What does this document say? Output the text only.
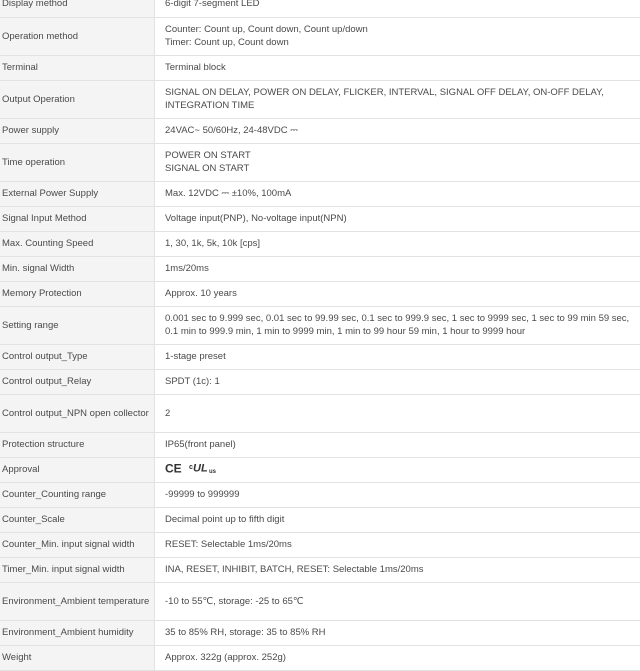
Display method	6-digit 7-segment LED

Operation method	Counter: Count up, Count down, Count up/down
Timer: Count up, Count down

Terminal	Terminal block

Output Operation	SIGNAL ON DELAY, POWER ON DELAY, FLICKER, INTERVAL, SIGNAL OFF DELAY, ON-OFF DELAY, INTEGRATION TIME

Power supply	24VAC~ 50/60Hz, 24-48VDC ⎓

Time operation	POWER ON START
SIGNAL ON START

External Power Supply	Max. 12VDC ⎓ ±10%, 100mA

Signal Input Method	Voltage input(PNP), No-voltage input(NPN)

Max. Counting Speed	1, 30, 1k, 5k, 10k [cps]

Min. signal Width	1ms/20ms

Memory Protection	Approx. 10 years

Setting range	0.001 sec to 9.999 sec, 0.01 sec to 99.99 sec, 0.1 sec to 999.9 sec, 1 sec to 9999 sec, 1 sec to 99 min 59 sec, 0.1 min to 999.9 min, 1 min to 9999 min, 1 min to 99 hour 59 min, 1 hour to 9999 hour

Control output_Type	1-stage preset

Control output_Relay	SPDT (1c): 1

Control output_NPN open collector	2

Protection structure	IP65(front panel)

Approval	CE c UL us

Counter_Counting range	-99999 to 999999

Counter_Scale	Decimal point up to fifth digit

Counter_Min. input signal width	RESET: Selectable 1ms/20ms

Timer_Min. input signal width	INA, RESET, INHIBIT, BATCH, RESET: Selectable 1ms/20ms

Environment_Ambient temperature	-10 to 55℃, storage: -25 to 65℃

Environment_Ambient humidity	35 to 85% RH, storage: 35 to 85% RH

Weight	Approx. 322g (approx. 252g)
